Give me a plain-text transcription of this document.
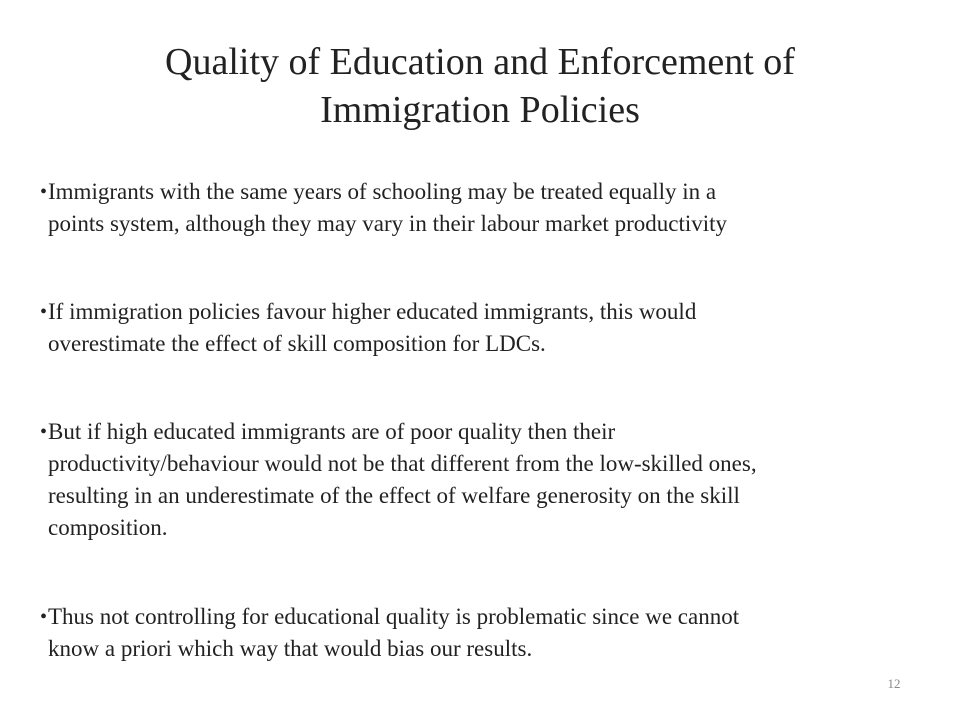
Quality of Education and Enforcement of
Immigration Policies
• Immigrants with the same years of schooling may be treated equally in a
points system, although they may vary in their labour market productivity
• If immigration policies favour higher educated immigrants, this would
overestimate the effect of skill composition for LDCs.
• But if high educated immigrants are of poor quality then their
productivity/behaviour would not be that different from the low-skilled ones,
resulting in an underestimate of the effect of welfare generosity on the skill
composition.
• Thus not controlling for educational quality is problematic since we cannot
know a priori which way that would bias our results.
12
